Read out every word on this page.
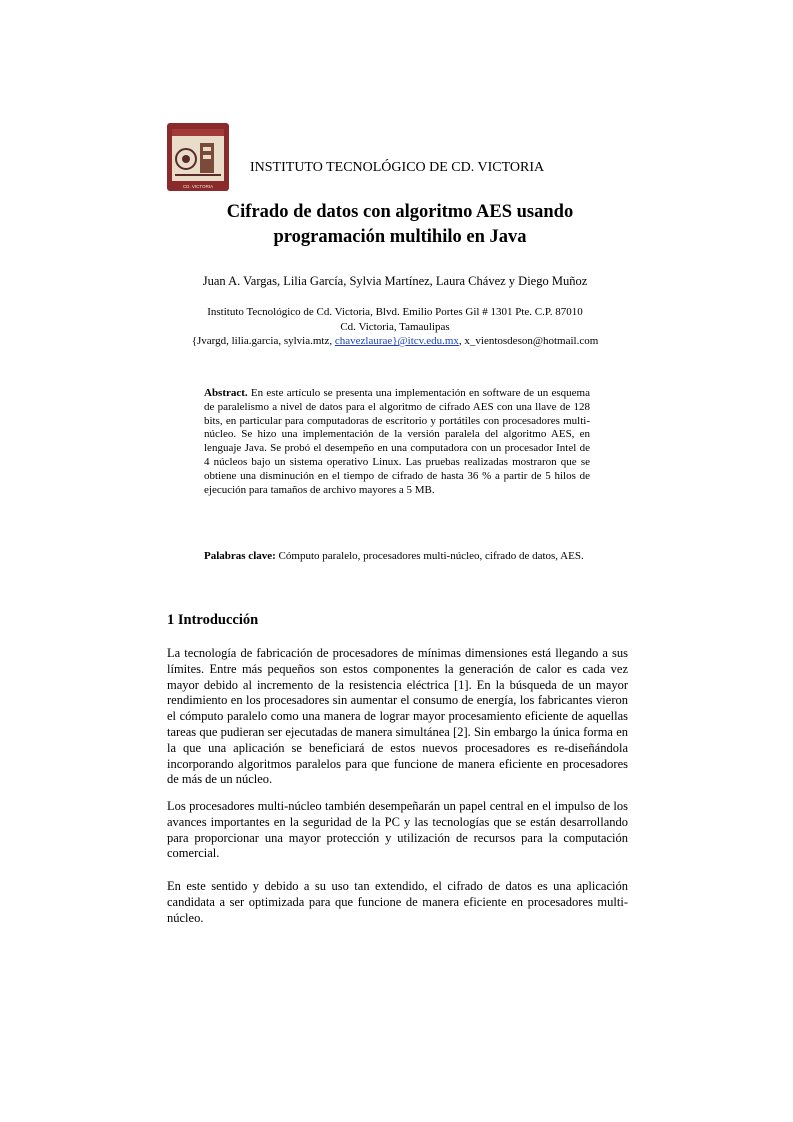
CD. VICTORIA
INSTITUTO TECNOLÓGICO DE CD. VICTORIA
Cifrado de datos con algoritmo AES usando
programación multihilo en Java
Juan A. Vargas, Lilia García, Sylvia Martínez, Laura Chávez y Diego Muñoz
Instituto Tecnológico de Cd. Victoria, Blvd. Emilio Portes Gil # 1301 Pte. C.P. 87010
Cd. Victoria, Tamaulipas
{Jvargd, lilia.garcia, sylvia.mtz, chavezlaurae}@itcv.edu.mx, x_vientosdeson@hotmail.com
Abstract. En este artículo se presenta una implementación en software de un esquema de paralelismo a nivel de datos para el algoritmo de cifrado AES con una llave de 128 bits, en particular para computadoras de escritorio y portátiles con procesadores multi-núcleo. Se hizo una implementación de la versión paralela del algoritmo AES, en lenguaje Java. Se probó el desempeño en una computadora con un procesador Intel de 4 núcleos bajo un sistema operativo Linux. Las pruebas realizadas mostraron que se obtiene una disminución en el tiempo de cifrado de hasta 36 % a partir de 5 hilos de ejecución para tamaños de archivo mayores a 5 MB.
Palabras clave: Cómputo paralelo, procesadores multi-núcleo, cifrado de datos, AES.
1 Introducción
La tecnología de fabricación de procesadores de mínimas dimensiones está llegando a sus límites. Entre más pequeños son estos componentes la generación de calor es cada vez mayor debido al incremento de la resistencia eléctrica [1]. En la búsqueda de un mayor rendimiento en los procesadores sin aumentar el consumo de energía, los fabricantes vieron el cómputo paralelo como una manera de lograr mayor procesamiento eficiente de aquellas tareas que pudieran ser ejecutadas de manera simultánea [2]. Sin embargo la única forma en la que una aplicación se beneficiará de estos nuevos procesadores es re-diseñándola incorporando algoritmos paralelos para que funcione de manera eficiente en procesadores de más de un núcleo.
Los procesadores multi-núcleo también desempeñarán un papel central en el impulso de los avances importantes en la seguridad de la PC y las tecnologías que se están desarrollando para proporcionar una mayor protección y utilización de recursos para la computación comercial.
En este sentido y debido a su uso tan extendido, el cifrado de datos es una aplicación candidata a ser optimizada para que funcione de manera eficiente en procesadores multi-núcleo.
